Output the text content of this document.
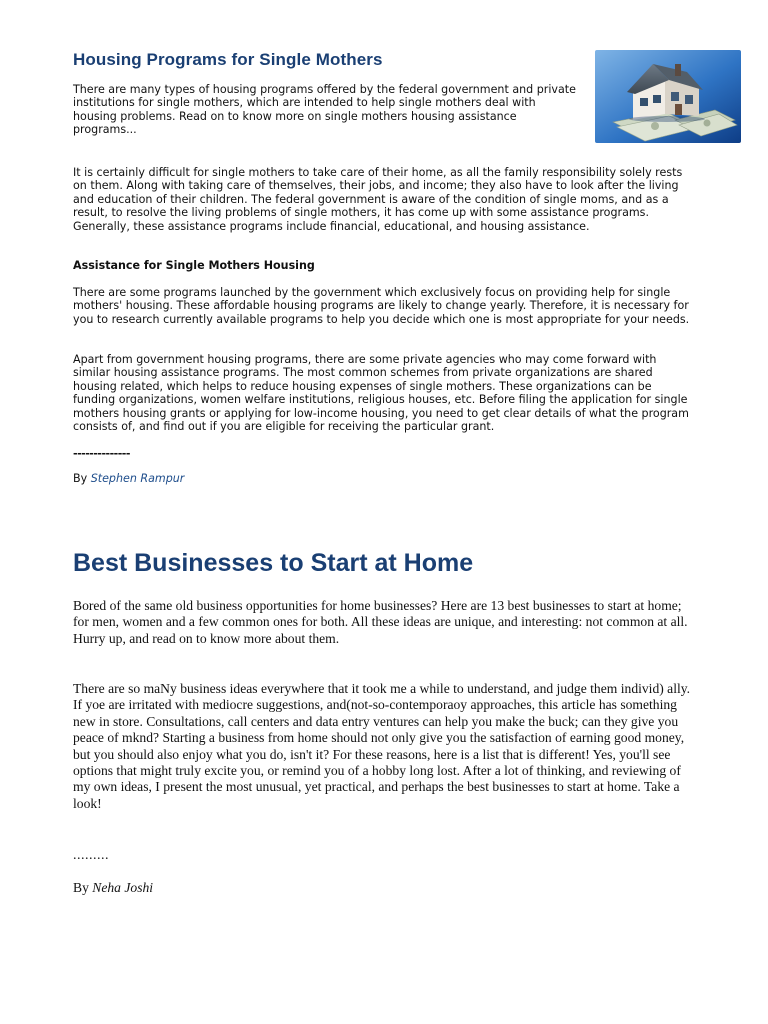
Housing Programs for Single Mothers

There are many types of housing programs offered by the federal government and private institutions for single mothers, which are intended to help single mothers deal with housing problems. Read on to know more on single mothers housing assistance programs...

It is certainly difficult for single mothers to take care of their home, as all the family responsibility solely rests on them. Along with taking care of themselves, their jobs, and income; they also have to look after the living and education of their children. The federal government is aware of the condition of single moms, and as a result, to resolve the living problems of single mothers, it has come up with some assistance programs. Generally, these assistance programs include financial, educational, and housing assistance.

Assistance for Single Mothers Housing

There are some programs launched by the government which exclusively focus on providing help for single mothers' housing. These affordable housing programs are likely to change yearly. Therefore, it is necessary for you to research currently available programs to help you decide which one is most appropriate for your needs.

Apart from government housing programs, there are some private agencies who may come forward with similar housing assistance programs. The most common schemes from private organizations are shared housing related, which helps to reduce housing expenses of single mothers. These organizations can be funding organizations, women welfare institutions, religious houses, etc. Before filing the application for single mothers housing grants or applying for low-income housing, you need to get clear details of what the program consists of, and find out if you are eligible for receiving the particular grant.

--------------

By Stephen Rampur

Best Businesses to Start at Home

Bored of the same old business opportunities for home businesses? Here are 13 best businesses to start at home; for men, women and a few common ones for both. All these ideas are unique, and interesting: not common at all. Hurry up, and read on to know more about them.

There are so maNy business ideas everywhere that it took me a while to understand, and judge them individ) ally. If yoe are irritated with mediocre suggestions, and(not-so-contemporaoy approaches, this article has something new in store. Consultations, call centers and data entry ventures can help you make the buck; can they give you peace of mknd? Starting a business from home should not only give you the satisfaction of earning good money, but you should also enjoy what you do, isn't it? For these reasons, here is a list that is different! Yes, you'll see options that might truly excite you, or remind you of a hobby long lost. After a lot of thinking, and reviewing of my own ideas, I present the most unusual, yet practical, and perhaps the best businesses to start at home. Take a look!

.........

By Neha Joshi
